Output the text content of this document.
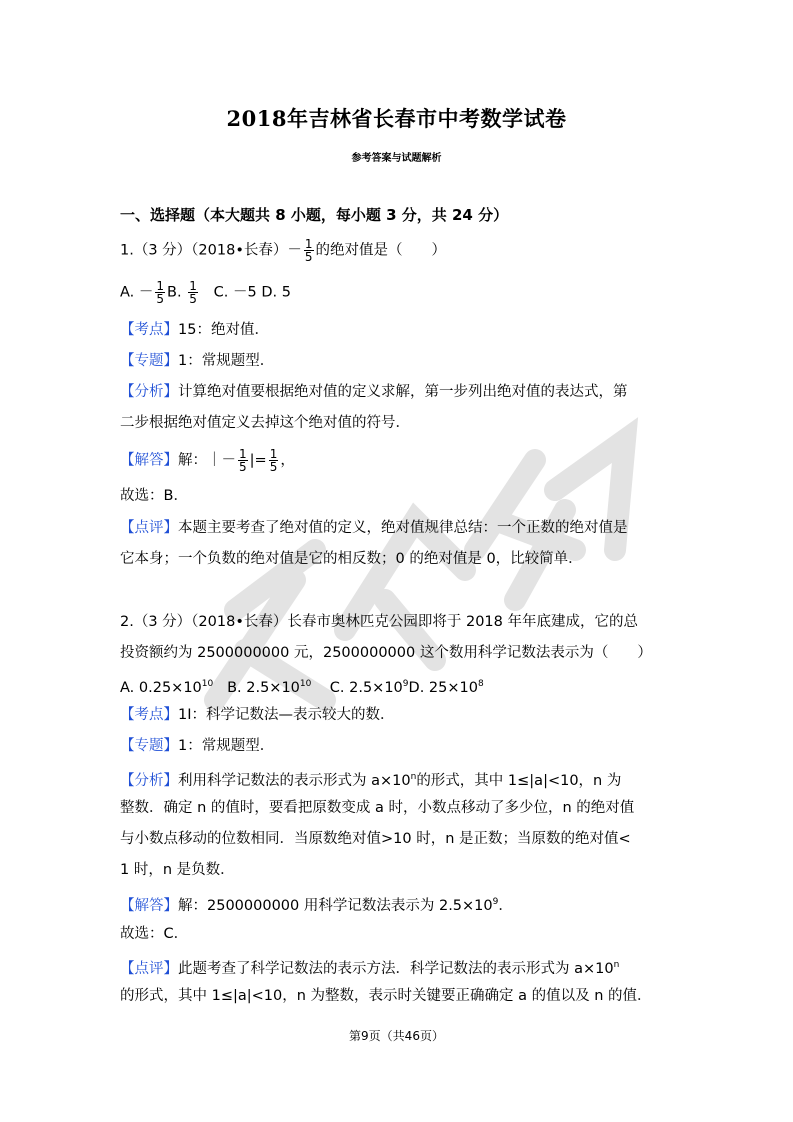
2018年吉林省长春市中考数学试卷
参考答案与试题解析
一、选择题（本大题共 8 小题，每小题 3 分，共 24 分）
1.（3 分）（2018•长春）－ $\frac{1}{5}$ 的绝对值是（　　）
A. － $\frac{1}{5} B$. $\frac{1}{5} C$. －5 D. 5
【考点】15：绝对值．
【专题】1：常规题型．
【分析】计算绝对值要根据绝对值的定义求解，第一步列出绝对值的表达式，第
二步根据绝对值定义去掉这个绝对值的符号．
【解答】解：｜－ $\frac{1}{5}$ |= $\frac{1}{5}$ ，
故选：B．
【点评】本题主要考查了绝对值的定义，绝对值规律总结：一个正数的绝对值是
它本身；一个负数的绝对值是它的相反数；0 的绝对值是 0，比较简单．
2.（3 分）（2018•长春）长春市奥林匹克公园即将于 2018 年年底建成，它的总
投资额约为 2500000000 元，2500000000 这个数用科学记数法表示为（　　）
A. $0.25\times 10^{10}$ B. $2.5\times 10^{10}$ C. $2.5\times 10^9D$. $25\times 10^8$
【考点】1I：科学记数法—表示较大的数．
【专题】1：常规题型．
【分析】利用科学记数法的表示形式为 $a\times 10^n$的形式，其中 1≤|a|<10，n 为
整数．确定 n 的值时，要看把原数变成 a 时，小数点移动了多少位，n 的绝对值
与小数点移动的位数相同．当原数绝对值>10 时，n 是正数；当原数的绝对值<
1 时，n 是负数．
【解答】解：2500000000 用科学记数法表示为 $2.5\times 10^9$．
故选：C．
【点评】此题考查了科学记数法的表示方法．科学记数法的表示形式为 $a\times 10^n$
的形式，其中 1≤|a|<10，n 为整数，表示时关键要正确确定 a 的值以及 n 的值．
第9页（共46页）
